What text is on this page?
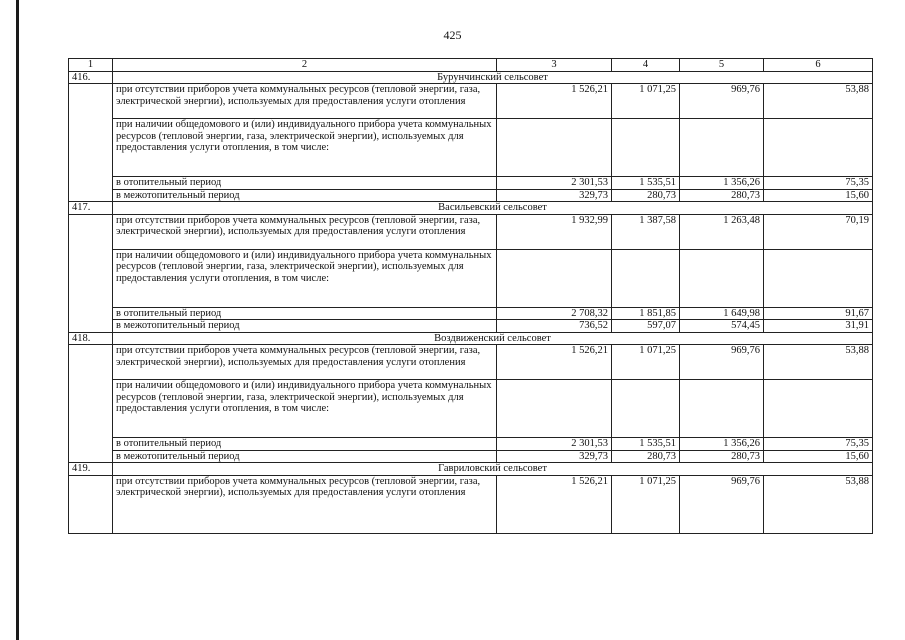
425
1	2	3	4	5	6
416.	Бурунчинский сельсовет				
	при отсутствии приборов учета коммунальных ресурсов (тепловой энергии, газа, электрической энергии), используемых для предоставления услуги отопления	1 526,21	1 071,25	969,76	53,88
	при наличии общедомового и (или) индивидуального прибора учета коммунальных ресурсов (тепловой энергии, газа, электрической энергии), используемых для предоставления услуги отопления, в том числе:				
	в отопительный период	2 301,53	1 535,51	1 356,26	75,35
	в межотопительный период	329,73	280,73	280,73	15,60
417.	Васильевский сельсовет				
	при отсутствии приборов учета коммунальных ресурсов (тепловой энергии, газа, электрической энергии), используемых для предоставления услуги отопления	1 932,99	1 387,58	1 263,48	70,19
	при наличии общедомового и (или) индивидуального прибора учета коммунальных ресурсов (тепловой энергии, газа, электрической энергии), используемых для предоставления услуги отопления, в том числе:				
	в отопительный период	2 708,32	1 851,85	1 649,98	91,67
	в межотопительный период	736,52	597,07	574,45	31,91
418.	Воздвиженский сельсовет				
	при отсутствии приборов учета коммунальных ресурсов (тепловой энергии, газа, электрической энергии), используемых для предоставления услуги отопления	1 526,21	1 071,25	969,76	53,88
	при наличии общедомового и (или) индивидуального прибора учета коммунальных ресурсов (тепловой энергии, газа, электрической энергии), используемых для предоставления услуги отопления, в том числе:				
	в отопительный период	2 301,53	1 535,51	1 356,26	75,35
	в межотопительный период	329,73	280,73	280,73	15,60
419.	Гавриловский сельсовет				
	при отсутствии приборов учета коммунальных ресурсов (тепловой энергии, газа, электрической энергии), используемых для предоставления услуги отопления	1 526,21	1 071,25	969,76	53,88
